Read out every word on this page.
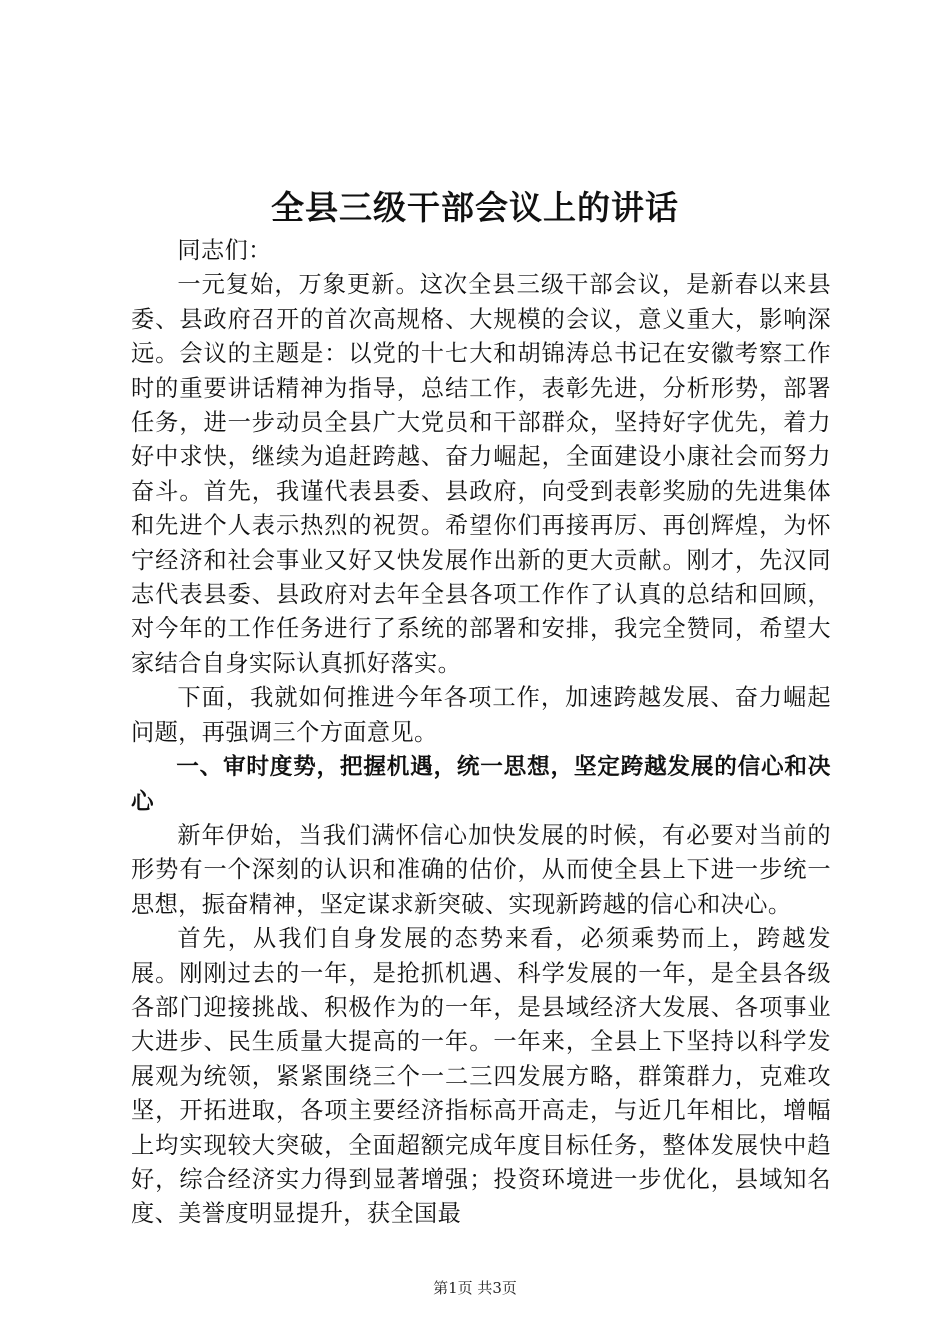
全县三级干部会议上的讲话

同志们：

一元复始，万象更新。这次全县三级干部会议，是新春以来县委、县政府召开的首次高规格、大规模的会议，意义重大，影响深远。会议的主题是：以党的十七大和胡锦涛总书记在安徽考察工作时的重要讲话精神为指导，总结工作，表彰先进，分析形势，部署任务，进一步动员全县广大党员和干部群众，坚持好字优先，着力好中求快，继续为追赶跨越、奋力崛起，全面建设小康社会而努力奋斗。首先，我谨代表县委、县政府，向受到表彰奖励的先进集体和先进个人表示热烈的祝贺。希望你们再接再厉、再创辉煌，为怀宁经济和社会事业又好又快发展作出新的更大贡献。刚才，先汉同志代表县委、县政府对去年全县各项工作作了认真的总结和回顾，对今年的工作任务进行了系统的部署和安排，我完全赞同，希望大家结合自身实际认真抓好落实。

下面，我就如何推进今年各项工作，加速跨越发展、奋力崛起问题，再强调三个方面意见。

一、审时度势，把握机遇，统一思想，坚定跨越发展的信心和决心

新年伊始，当我们满怀信心加快发展的时候，有必要对当前的形势有一个深刻的认识和准确的估价，从而使全县上下进一步统一思想，振奋精神，坚定谋求新突破、实现新跨越的信心和决心。

首先，从我们自身发展的态势来看，必须乘势而上，跨越发展。刚刚过去的一年，是抢抓机遇、科学发展的一年，是全县各级各部门迎接挑战、积极作为的一年，是县域经济大发展、各项事业大进步、民生质量大提高的一年。一年来，全县上下坚持以科学发展观为统领，紧紧围绕三个一二三四发展方略，群策群力，克难攻坚，开拓进取，各项主要经济指标高开高走，与近几年相比，增幅上均实现较大突破，全面超额完成年度目标任务，整体发展快中趋好，综合经济实力得到显著增强；投资环境进一步优化，县域知名度、美誉度明显提升，获全国最

第1页 共3页
